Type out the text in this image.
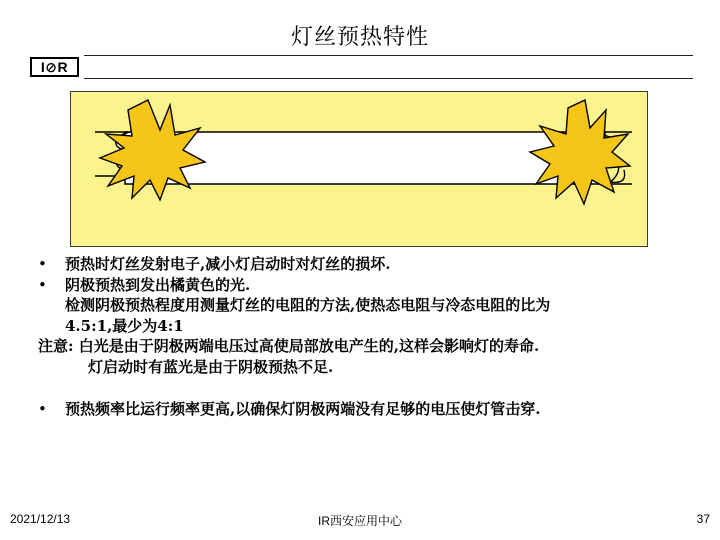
灯丝预热特性
I⊘R
• 预热时灯丝发射电子,减小灯启动时对灯丝的损坏.
• 阴极预热到发出橘黄色的光.
检测阴极预热程度用测量灯丝的电阻的方法,使热态电阻与冷态电阻的比为
4.5:1,最少为4:1
注意: 白光是由于阴极两端电压过高使局部放电产生的,这样会影响灯的寿命.
灯启动时有蓝光是由于阴极预热不足.
• 预热频率比运行频率更高,以确保灯阴极两端没有足够的电压使灯管击穿.
2021/12/13	IR西安应用中心	37
